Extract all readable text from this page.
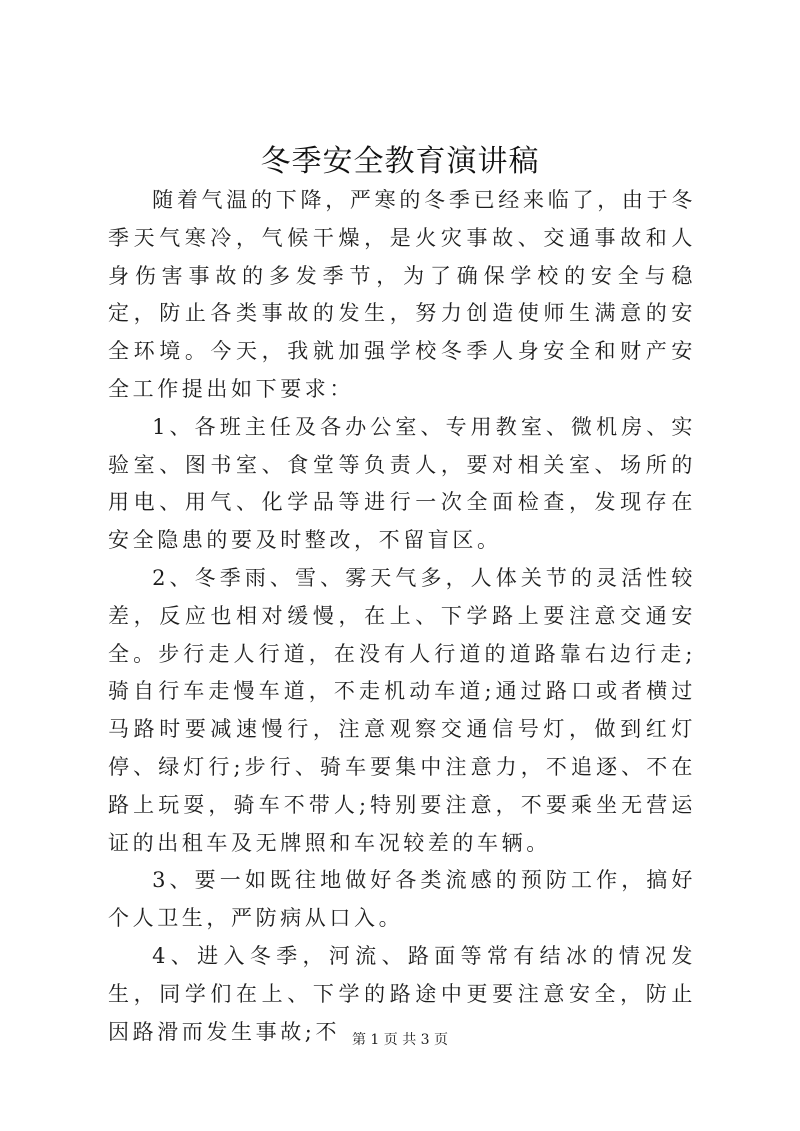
冬季安全教育演讲稿

随着气温的下降，严寒的冬季已经来临了，由于冬季天气寒冷，气候干燥，是火灾事故、交通事故和人身伤害事故的多发季节，为了确保学校的安全与稳定，防止各类事故的发生，努力创造使师生满意的安全环境。今天，我就加强学校冬季人身安全和财产安全工作提出如下要求：

1、各班主任及各办公室、专用教室、微机房、实验室、图书室、食堂等负责人，要对相关室、场所的用电、用气、化学品等进行一次全面检查，发现存在安全隐患的要及时整改，不留盲区。

2、冬季雨、雪、雾天气多，人体关节的灵活性较差，反应也相对缓慢，在上、下学路上要注意交通安全。步行走人行道，在没有人行道的道路靠右边行走;骑自行车走慢车道，不走机动车道;通过路口或者横过马路时要减速慢行，注意观察交通信号灯，做到红灯停、绿灯行;步行、骑车要集中注意力，不追逐、不在路上玩耍，骑车不带人;特别要注意，不要乘坐无营运证的出租车及无牌照和车况较差的车辆。

3、要一如既往地做好各类流感的预防工作，搞好个人卫生，严防病从口入。

4、进入冬季，河流、路面等常有结冰的情况发生，同学们在上、下学的路途中更要注意安全，防止因路滑而发生事故;不 第 1 页 共 3 页
